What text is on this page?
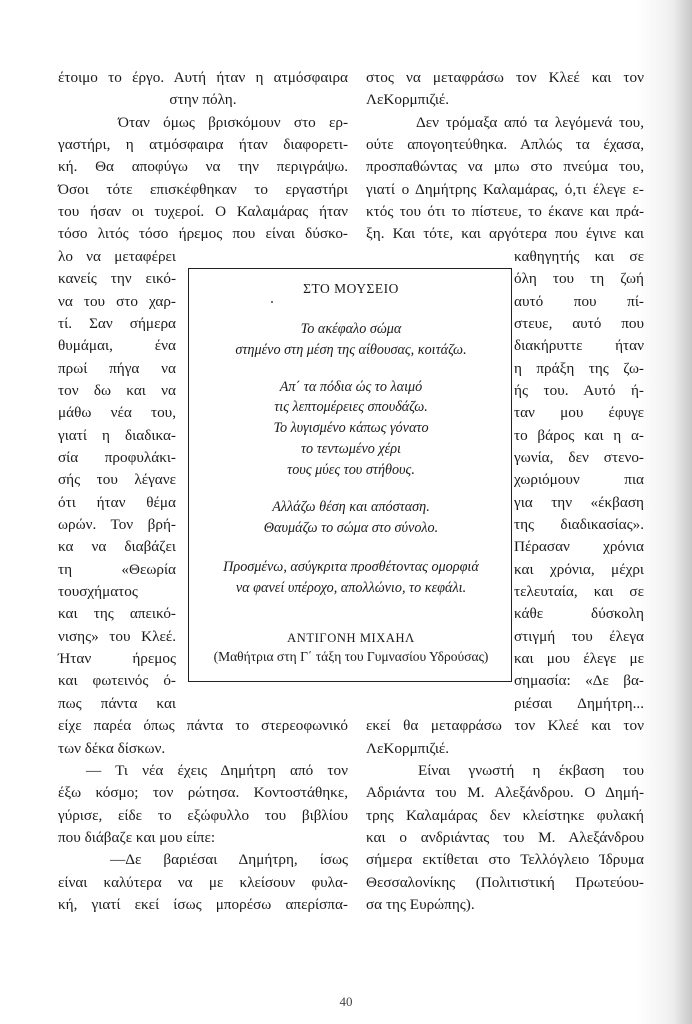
έτοιμο το έργο. Αυτή ήταν η ατμόσφαιρα
στην πόλη.
Όταν όμως βρισκόμουν στο ερ-
γαστήρι, η ατμόσφαιρα ήταν διαφορετι-
κή. Θα αποφύγω να την περιγράψω.
Όσοι τότε επισκέφθηκαν το εργαστήρι
του ήσαν οι τυχεροί. Ο Καλαμάρας ήταν
τόσο λιτός τόσο ήρεμος που είναι δύσκο-
λο να μεταφέρει
κανείς την εικό-
να του στο χαρ-
τί. Σαν σήμερα
θυμάμαι, ένα
πρωί πήγα να
τον δω και να
μάθω νέα του,
γιατί η διαδικα-
σία προφυλάκι-
σής του λέγανε
ότι ήταν θέμα
ωρών. Τον βρή-
κα να διαβάζει
τη «Θεωρία
τουσχήματος
και της απεικό-
νισης» του Κλεέ.
Ήταν ήρεμος
και φωτεινός ό-
πως πάντα και
είχε παρέα όπως πάντα το στερεοφωνικό
των δέκα δίσκων.
— Τι νέα έχεις Δημήτρη από τον
έξω κόσμο; τον ρώτησα. Κοντοστάθηκε,
γύρισε, είδε το εξώφυλλο του βιβλίου
που διάβαζε και μου είπε:
—Δε βαριέσαι Δημήτρη, ίσως
είναι καλύτερα να με κλείσουν φυλα-
κή, γιατί εκεί ίσως μπορέσω απερίσπα-
στος να μεταφράσω τον Κλεέ και τον
ΛεΚορμπιζιέ.
Δεν τρόμαξα από τα λεγόμενά του,
ούτε απογοητεύθηκα. Απλώς τα έχασα,
προσπαθώντας να μπω στο πνεύμα του,
γιατί ο Δημήτρης Καλαμάρας, ό,τι έλεγε ε-
κτός του ότι το πίστευε, το έκανε και πρά-
ξη. Και τότε, και αργότερα που έγινε και
καθηγητής και σε
όλη του τη ζωή
αυτό που πί-
στευε, αυτό που
διακήρυττε ήταν
η πράξη της ζω-
ής του. Αυτό ή-
ταν μου έφυγε
το βάρος και η α-
γωνία, δεν στενο-
χωριόμουν πια
για την «έκβαση
της διαδικασίας».
Πέρασαν χρόνια
και χρόνια, μέχρι
τελευταία, και σε
κάθε δύσκολη
στιγμή του έλεγα
και μου έλεγε με
σημασία: «Δε βα-
ριέσαι Δημήτρη...
εκεί θα μεταφράσω τον Κλεέ και τον
ΛεΚορμπιζιέ.
Είναι γνωστή η έκβαση του
Αδριάντα του Μ. Αλεξάνδρου. Ο Δημή-
τρης Καλαμάρας δεν κλείστηκε φυλακή
και ο ανδριάντας του Μ. Αλεξάνδρου
σήμερα εκτίθεται στο Τελλόγλειο Ίδρυμα
Θεσσαλονίκης (Πολιτιστική Πρωτεύου-
σα της Ευρώπης).
ΣΤΟ ΜΟΥΣΕΙΟ
Το ακέφαλο σώμα
στημένο στη μέση της αίθουσας, κοιτάζω.
Απ΄ τα πόδια ώς το λαιμό
τις λεπτομέρειες σπουδάζω.
Το λυγισμένο κάπως γόνατο
το τεντωμένο χέρι
τους μύες του στήθους.
Αλλάζω θέση και απόσταση.
Θαυμάζω το σώμα στο σύνολο.
Προσμένω, ασύγκριτα προσθέτοντας ομορφιά
να φανεί υπέροχο, απολλώνιο, το κεφάλι.
ΑΝΤΙΓΟΝΗ ΜΙΧΑΗΛ
(Μαθήτρια στη Γ΄ τάξη του Γυμνασίου Υδρούσας)
40
